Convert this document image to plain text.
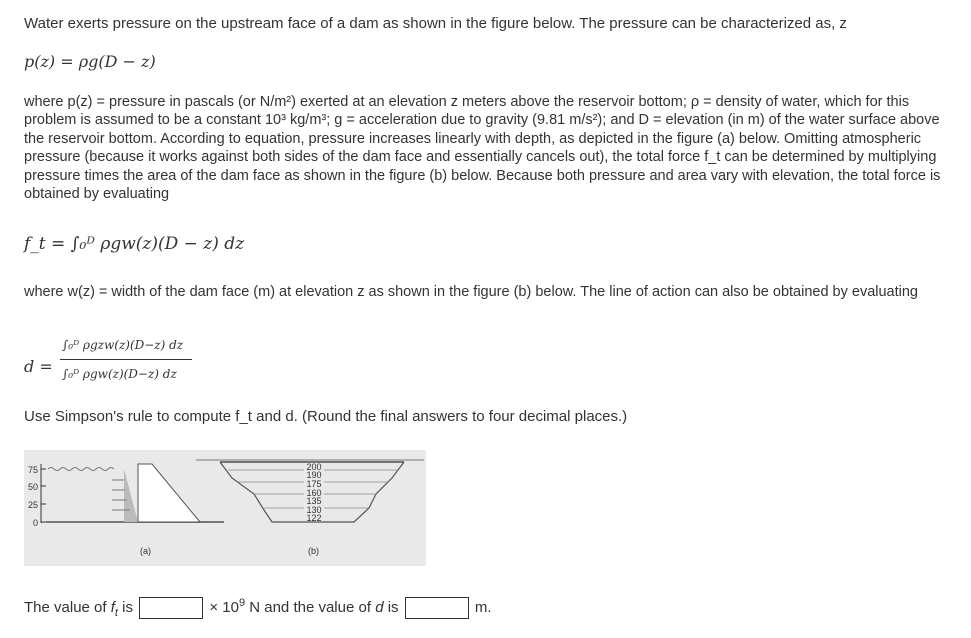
Water exerts pressure on the upstream face of a dam as shown in the figure below. The pressure can be characterized as, z
p(z) = ρg(D − z)
where p(z) = pressure in pascals (or N/m²) exerted at an elevation z meters above the reservoir bottom; ρ = density of water, which for this problem is assumed to be a constant 10³ kg/m³; g = acceleration due to gravity (9.81 m/s²); and D = elevation (in m) of the water surface above the reservoir bottom. According to equation, pressure increases linearly with depth, as depicted in the figure (a) below. Omitting atmospheric pressure (because it works against both sides of the dam face and essentially cancels out), the total force f_t can be determined by multiplying pressure times the area of the dam face as shown in the figure (b) below. Because both pressure and area vary with elevation, the total force is obtained by evaluating
f_t = ∫₀ᴰ ρgw(z)(D − z) dz
where w(z) = width of the dam face (m) at elevation z as shown in the figure (b) below. The line of action can also be obtained by evaluating
d =
∫₀ᴰ ρgzw(z)(D−z) dz
∫₀ᴰ ρgw(z)(D−z) dz
Use Simpson's rule to compute f_t and d. (Round the final answers to four decimal places.)
75
50
25
0
(a)
200
190
175
160
135
130
122
(b)
The value of $f_t$ is	× $10^9$ N and the value of d is	m.
